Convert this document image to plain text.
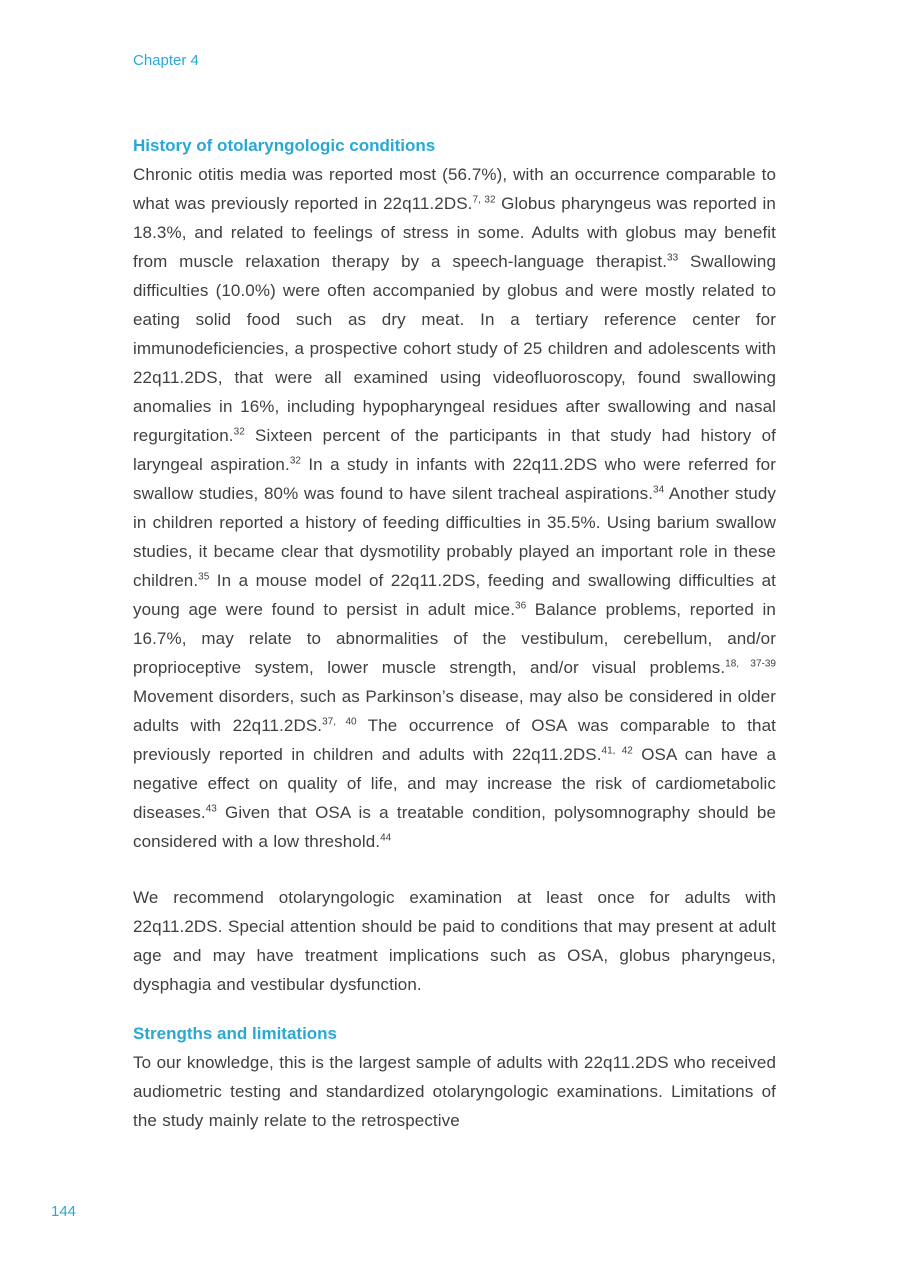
Chapter 4
History of otolaryngologic conditions

Chronic otitis media was reported most (56.7%), with an occurrence comparable to what was previously reported in 22q11.2DS.$^{7, 32}$ Globus pharyngeus was reported in 18.3%, and related to feelings of stress in some. Adults with globus may benefit from muscle relaxation therapy by a speech-language therapist.$^{33}$ Swallowing difficulties (10.0%) were often accompanied by globus and were mostly related to eating solid food such as dry meat. In a tertiary reference center for immunodeficiencies, a prospective cohort study of 25 children and adolescents with 22q11.2DS, that were all examined using videofluoroscopy, found swallowing anomalies in 16%, including hypopharyngeal residues after swallowing and nasal regurgitation.$^{32}$ Sixteen percent of the participants in that study had history of laryngeal aspiration.$^{32}$ In a study in infants with 22q11.2DS who were referred for swallow studies, 80% was found to have silent tracheal aspirations.$^{34}$ Another study in children reported a history of feeding difficulties in 35.5%. Using barium swallow studies, it became clear that dysmotility probably played an important role in these children.$^{35}$ In a mouse model of 22q11.2DS, feeding and swallowing difficulties at young age were found to persist in adult mice.$^{36}$ Balance problems, reported in 16.7%, may relate to abnormalities of the vestibulum, cerebellum, and/or proprioceptive system, lower muscle strength, and/or visual problems.$^{18, 37-39}$ Movement disorders, such as Parkinson’s disease, may also be considered in older adults with 22q11.2DS.$^{37, 40}$ The occurrence of OSA was comparable to that previously reported in children and adults with 22q11.2DS.$^{41, 42}$ OSA can have a negative effect on quality of life, and may increase the risk of cardiometabolic diseases.$^{43}$ Given that OSA is a treatable condition, polysomnography should be considered with a low threshold.$^{44}$

We recommend otolaryngologic examination at least once for adults with 22q11.2DS. Special attention should be paid to conditions that may present at adult age and may have treatment implications such as OSA, globus pharyngeus, dysphagia and vestibular dysfunction.

Strengths and limitations

To our knowledge, this is the largest sample of adults with 22q11.2DS who received audiometric testing and standardized otolaryngologic examinations. Limitations of the study mainly relate to the retrospective

144
